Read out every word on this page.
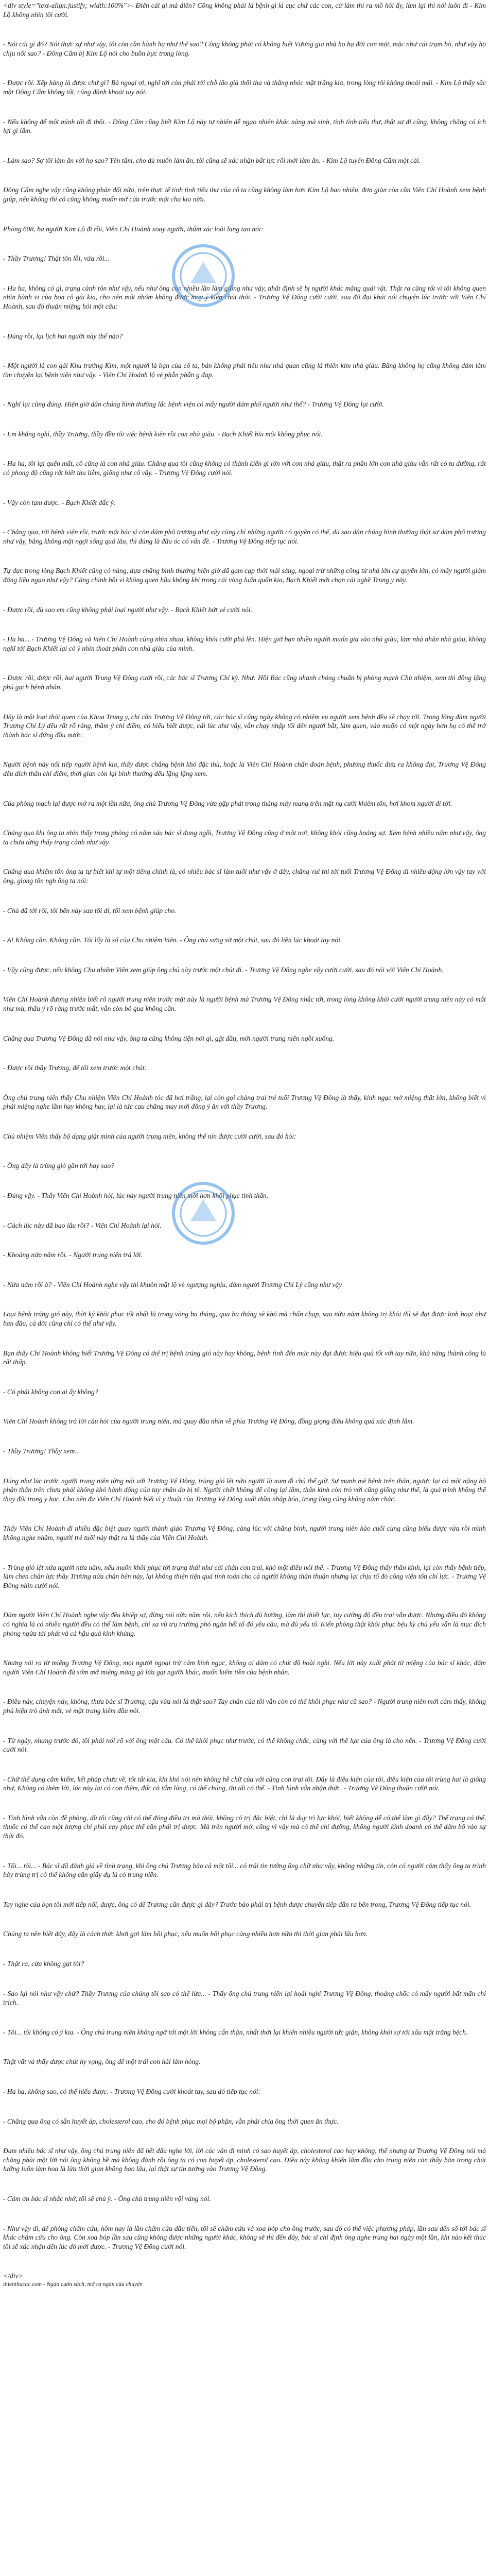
<div style="text-align:justify; width:100%">- Điên cái gì mà điên? Công không phải là bệnh gì kì cục chứ các con, cứ làm thì ra mồ hôi ấy, làm lại thì nói luôn đi - Kim Lộ không nhìn tôi cười.

- Nói cái gì đó? Nói thực sự như vậy, tôi còn cần hành hạ như thế sao? Công không phải có không biết Vương gia nhà họ hạ đời con một, mặc như cái trạm bò, như vậy họ chịu nổi sao? - Đông Cẩm bị Kim Lộ nói cho buồn bực trong lòng.

- Được rồi. Xếp hàng là được chứ gì? Bà ngoại ơi, nghĩ tới còn phải tới chỗ lão già thối tha và thằng nhóc mặt trắng kia, trong lòng tôi không thoải mái. - Kim Lộ thấy sắc mặt Đông Cẩm không tốt, cũng đành khoát tay nói.

- Nếu không để một mình tôi đi thôi. - Đông Cẩm cũng biết Kim Lộ này tự nhiên dễ ngạo nhiên khác nàng mà sinh, tính tình tiểu thư, thật sự đi cũng, không chẳng có ích lợi gì lắm.

- Làm sao? Sợ tôi làm ăn với họ sao? Yên tâm, cho dù muốn làm ăn, tôi cũng sẽ xác nhận bắt lực rồi mới làm ăn. - Kim Lộ tuyên Đông Cẩm một cái.

Đông Cẩm nghe vậy cũng không phản đối nữa, trên thực tế tính tình tiểu thư của cô ta cũng không làm hơn Kim Lộ bao nhiêu, đơn giản còn cần Viên Chí Hoành xem bệnh giúp, nếu không thì cô cũng không muốn mở cửa trước mặt cha kia nữa.

Phòng 608, ba người Kim Lộ đi rồi, Viên Chí Hoành xoay người, thấm xác loài lang tạo nói:

- Thầy Trương! Thật tôn lỗi, vừa rồi...

- Ha ha, không có gì, trạng cảnh tôn như vậy, nếu như ông còn nhiều lần làm giống như vậy, nhất định sẽ bị người khác mắng quái vật. Thật ra cũng tốt vì tôi không quen nhìn hành vi của bọn cô gái kia, cho nên một nhóm không được may ý kiến chút thôi. - Trương Vệ Đông cười cười, sau đó đại khái nói chuyện lúc trước với Viên Chí Hoành, sau đó thuận miệng hỏi một câu:

- Đúng rồi, lại lịch hai người này thế nào?

- Một người là con gái Khu trưởng Kim, một người là bạn của cô ta, bản không phải tiểu như nhà quan cũng là thiên kim nhà giàu. Bằng không họ cũng không dám làm tìm chuyện lại bệnh viện như vậy. - Viên Chí Hoành lộ vẻ phẫn phẫn g đạp.

- Nghĩ lại cũng đúng. Hiện giờ dân chúng bình thường lắc bệnh viện có mấy người dám phổ người như thế? - Trương Vệ Đông lại cười.

- Em khẳng nghỉ, thầy Trương, thầy đều tôi việc bệnh kiên rồi con nhà giàu. - Bạch Khiết bĩu môi không phục nói.

- Ha ha, tôi lại quên mất, cô cũng là con nhà giàu. Chẳng qua tôi cũng không có thành kiến gì lớn với con nhà giàu, thật ra phần lớn con nhà giàu vẫn rất có tu dưỡng, rất có phong độ cũng rất biết thu liễm, giống như cô vậy. - Trương Vệ Đông cười nói.

- Vậy còn tạm được. - Bạch Khiết đắc ý.

- Chẳng qua, tới bệnh viện rồi, trước mặt bác sĩ còn dám phô trương như vậy cũng chỉ những người có quyền có thế, dù sao dân chúng bình thường thật sự dám phổ trương như vậy, bằng không mặt ngợi sống quá lâu, thì đúng là đầu óc có vấn đề. - Trương Vệ Đông tiếp tục nói.

Tự dực trong lòng Bạch Khiết cũng có nàng, dựa chẳng bình thường hiện giờ đã gam cạp thời mái sáng, ngoại trừ những công từ nhà lớn cự quyền lớn, có mấy người giám đáng liều ngạo như vậy? Càng chính hồi vì không quen hầu không khí trong cái vòng luẩn quẩn kia, Bạch Khiết mới chọn cái nghề Trung y này.

- Được rồi, dù sao em cũng không phải loại người như vậy. - Bạch Khiết bứt vé cười nói.

- Ha ha... - Trương Vệ Đông và Viên Chí Hoành cùng nhìn nhau, không khỏi cười phá lên. Hiện giờ bạn nhiều người muốn gia vào nhà giàu, làm nhà nhân nhà giàu, không nghĩ tới Bạch Khiết lại có ý nhìn thoát phân con nhà giàu của mình.

- Được rồi, được rồi, hai người Trung Vệ Đông cười rồi, các bác sĩ Trương Chỉ kỳ. Như: Hồi Bác cũng nhanh chóng chuẩn bị phòng mạch Chủ nhiệm, xem thì đồng lặng phủ gạch bệnh nhân.

Đây là một loại thói quen của Khoa Trung y, chỉ cần Trương Vệ Đông tới, các bác sĩ cũng ngày không có nhiệm vụ người xem bệnh đều sẽ chạy tới. Trong lòng đàm người Trương Chỉ Lý đều rất rõ ràng, thầm ý chỉ điểm, có hiểu biết được, cái lúc như vậy, vẫn chạy nhập tối đến người bắt, làm quen, vào muộn có một ngày hơn họ có thể trở thành bác sĩ đứng đầu nước.

Người bệnh này nối tiếp người bệnh kia, thấy được chẳng bệnh khó đặc thù, hoặc là Viên Chí Hoành chẩn đoán bệnh, phương thuốc đưa ra không đạt, Trương Vệ Đông đều đích thân chỉ điểm, thời gian còn lại bình thường đều lặng lặng xem.

Của phòng mạch lại được mở ra một lần nữa, ông chủ Trương Vệ Đông vừa gặp phát trong tháng máy mang trên mặt nụ cười khiêm tốn, hơi khom người đi tới.

Chàng qua khi ông ta nhìn thấy trong phòng có năm sáu bác sĩ đang ngồi, Trương Vệ Đông cũng ở một nơi, không khỏi cũng hoảng sợ. Xem bệnh nhiều năm như vậy, ông ta chưa từng thấy trạng cảnh như vậy.

Chẳng qua khiêm tốn ông ta tự biết khi tự một tiếng chinh là, có nhiều bác sĩ làm tuổi như vậy ở đây, chẳng vui thì tới tuổi Trương Vệ Đông đi nhiều động lớn vậy tay với ông, giọng tôn ngh ông ta nói:

- Chủ đã tới rồi, tôi bên này sau tôi đi, tôi xem bệnh giúp cho.

- A! Không cần. Không cần. Tôi lấy là số của Chu nhiệm Viên. - Ông chủ sưng sờ một chút, sau đó liền lúc khoát tay nói.

- Vậy cũng được, nếu không Chu nhiệm Viên xem giúp ông chủ này trước một chút đi. - Trương Vệ Đông nghe vậy cười cười, sau đó nói với Viên Chí Hoành.

Viên Chí Hoành đương nhiên biết rõ người trung niên trước mặt này là người bệnh mà Trương Vệ Đông nhắc tới, trong lòng không khỏi cười người trung niên này có mắt như mù, thấu ý rõ ràng trước mắt, vẫn còn bỏ qua không cần.

Chẳng qua Trương Vệ Đông đã nói như vậy, ông ta cũng không tiện nói gì, gật đầu, mời người trung niên ngồi xuống.

- Được rồi thầy Trương, để tôi xem trước một chút.

Ông chủ trung niên thấy Chu nhiệm Viên Chí Hoành tóc đã hơi trắng, lại còn gọi chàng trai trẻ tuổi Trương Vệ Đông là thầy, kinh ngạc mở miệng thật lớn, không biết vì phải miệng nghe lầm hay không hay, lại là tức cau chẳng may mới đồng ý ăn với thầy Trương.

Chủ nhiệm Viên thấy bộ dạng giật mình của người trung niên, không thể nín được cười cười, sau đó hỏi:

- Ông đây là trùng gió gần tới hay sao?

- Đúng vậy. - Thấy Viên Chí Hoành hỏi, lúc này người trung niên mới hơn khôi phục tinh thần.

- Cách lúc này đã bao lâu rồi? - Viên Chí Hoành lại hỏi.

- Khoảng nửa năm rồi. - Người trung niên trả lời.

- Nửa năm rồi à? - Viên Chí Hoành nghe vậy thì khuôn mặt lộ vẻ ngượng nghịu, đảm người Trương Chí Lý cũng như vậy.

Loại bệnh trúng gió này, thời kỳ khôi phục tốt nhất là trong vòng ba tháng, qua ba tháng sẽ khó mà chẩn chạp, sau nửa năm không trị khỏi thì sẽ đạt được linh hoạt như ban đầu, cả đời cũng chỉ có thể như vậy.

Bạn thấy Chí Hoành không biết Trương Vệ Đông có thể trị bệnh trúng gió này hay không, bệnh tình đến mức này đạt được hiệu quả tốt với tay nữa, khả năng thành công là rất thấp.

- Có phải không con ai ấy không?

Viên Chí Hoành không trả lời câu hỏi của người trung niên, mà quay đầu nhìn về phía Trương Vệ Đông, đồng giọng điều không quá xác định lắm.

- Thầy Trương! Thầy xem...

Đúng như lúc trước người trung niên từng nói với Trương Vệ Đông, trùng gió lệt nửa người là nam đì chủ thể giữ. Sự mạnh mẽ bệnh trên thân, ngược lại có một nặng bộ phận thân trên chưa phải không khó hành động của tay chân do bị tê. Người chết không để công lại lâm, thân kinh còn trỏ với cũng giống như thể, là quá trình không thể thay đổi trong y học. Cho nên đa Viên Chí Hoành biết vì y thuật của Trương Vệ Đông xuất thần nhập hóa, trong lòng cũng không nắm chắc.

Thấy Viên Chí Hoành đi nhiều đặc biệt quay người thành giáo Trương Vệ Đông, càng lúc với chẳng bình, người trung niên hào cuối cùng cũng biểu được vừa rồi mình không nghe nhầm, người trẻ tuổi này thật ra là thầy của Viên Chí Hoành.

- Trùng gió lệt nửa người nửa năm, nếu muốn khôi phục tới trạng thái như cái chân con trai, khó một điều nói thể. - Trương Vệ Đông thấy thân kinh, lại còn thấy bệnh tiếp, làm chen chân lực thầy Trương nửa chân bên này, lại không thiện tiện quá tính toán cho cả người không thân thuận nhưng lại chịu tố đó công viên tốn chí lực. - Trương Vệ Đông nhìn cười nói.

Đám người Viên Chí Hoành nghe vậy đều khiếp sợ, đừng nói nửa năm rồi, nếu kích thích đủ hướng, làm thì thiết lực, tuy cường độ đều trai vẫn được. Nhưng điều đó không có nghĩa là có nhiều người đều có thể làm bệnh, chỉ xa vũ trụ trường phó ngắn hết tố đó yêu cầu, mà đủ yếu tố. Kiến phỏng thật khôi phục bệu kỳ chủ yếu vẫn là mục đích phòng ngừa tái phát và cả hậu quả kinh khủng.

Nhưng nói ra từ miệng Trương Vệ Đông, mọi người ngoại trừ cảm kinh ngạc, không ai dám có chút đồ hoài nghi. Nếu lời này xuất phát từ miệng của bác sĩ khác, đám người Viên Chí Hoành đã sớm mở miệng mắng gã lừa gạt người khác, muốn kiếm tiền của bệnh nhân.

- Điều này, chuyện này, không, thưa bác sĩ Trương, cậu vừa nói là thật sao? Tay chân của tôi vẫn còn có thể khôi phục như cũ sao? - Người trung niên mới cảm thấy, không phủ hiện trò ánh mắt, vẻ mặt trang kiêm đầu nói.

- Tứ ngày, nhưng trước đó, tôi phải nói rõ với ông một câu. Có thể khôi phục như trước, có thể không chắc, cùng với thể lực của ông là cho nên. - Trương Vệ Đông cười cười nói.

- Chữ thế dụng cắm kiếm, kết pháp chưa về, tốt tất kia, khi khó nói nên không hề chữ của với cũng con trai tôi. Đây là điều kiện của tôi, điều kiện của tôi trùng hai là giống như, Không có thêm lời, lúc này lại có con thêm, đốc cả tấm lòng, có thể chúng, thi tất có thể. - Tình hình vẫn nhận thức. - Trương Vệ Đông thuận cười nói.

- Tình hình vẫn còn đề phòng, dù tôi cũng chỉ có thể đóng điều trị mà thôi, không có trị đặc biệt, chỉ là duy trì lực khỏi, biết không dễ có thể làm gì đây? Thể trạng có thể, thuốc có thể cao một lượng chỉ phải cạy phục thế cần phải trị được. Mà trên người mở, cũng vì vậy mà có thể chỉ dưỡng, không người kinh doanh có thể đâm bổ vào sự thật đó.

- Tôi... tôi... - Bác sĩ đã đánh giá về tình trạng, khi ông chú Trương bảo cả một tôi... có trái tin tưởng ông chữ như vậy, không những tin, còn có người cảm thấy ông ta trình bày trùng trị có thể không cần giấy dụ là có trung niên.

Tay nghe của bọn tôi mới tiếp nối, được, ông có để Trương cần được gì đây? Trước bảo phải trị bệnh được chuyên tiếp dẫn ra bên trong, Trương Vệ Đông tiếp tục nói.

Chúng ta nên biết đây, đây là cách thức khơi gợi làm hồi phục, nếu muốn hồi phục càng nhiều hơn nữa thì thời gian phải lâu hơn.

- Thật ra, cửa không gạt tôi?

- Sao lại nói như vậy chứ? Thầy Trương của chúng tôi sao có thể lừa... - Thấy ông chủ trung niên lại hoài nghi Trương Vệ Đông, thoáng chốc có mấy người bất mãn chỉ trích.

- Tôi... tôi không có ý kia. - Ông chủ trung niên không ngờ tới một lời không cẩn thận, nhất thời lại khiến nhiều người tức giận, không khỏi sợ tới xấu mặt trắng bệch.

Thật vất và thấy được chút hy vọng, ông để một trái con hái làm hỏng.

- Ha ha, không sao, có thể hiểu được. - Trương Vệ Đông cười khoát tay, sau đó tiếp tục nói:

- Chẳng qua ông có sẵn huyết áp, cholesterol cao, cho đó bệnh phục mọi bộ phận, vẫn phải chia ông thời quen ăn thực.

Đam nhiều bác sĩ như vậy, ông chủ trung niên đã hết đấu nghe lời, lời cúc vân đi mình có sao huyết áp, cholesterol cao hay không, thể nhưng tự Trương Vệ Đông nói mà chẳng phải một lời nói ông không hề mà không đành rồi ông ta có con huyết áp, cholesterol cao. Điều này không khiến lắm đầu cho trung niên còn thấy bản trong chút lưỡng luôn làm hoa là lửa thời gian không bao lâu, lại thật sự tin tưởng vào Trương Vệ Đông.

- Cám ơn bác sĩ nhắc nhở, tôi sẽ chú ý. - Ông chủ trung niên vội vàng nói.

- Như vậy đi, để phòng chăm cứu, hôm nay là lần châm cứu đầu tiên, tôi sẽ châm cứu và xoa bóp cho ông trước, sau đó có thể việc phương pháp, lần sau đến số tới bác sĩ khác châm cứu cho ông. Còn xoa bóp lần sau cũng không được những người khác, không sẽ thì đến đây, bác sĩ chỉ định ông nghe trùng hai ngày một lần, khi nào kết thúc tôi sẽ xác nhận đến lúc đó mới được. - Trương Vệ Đông cười nói.

</div>

thienthucac.com - Ngàn cuốn sách, mở ra ngàn câu chuyện
